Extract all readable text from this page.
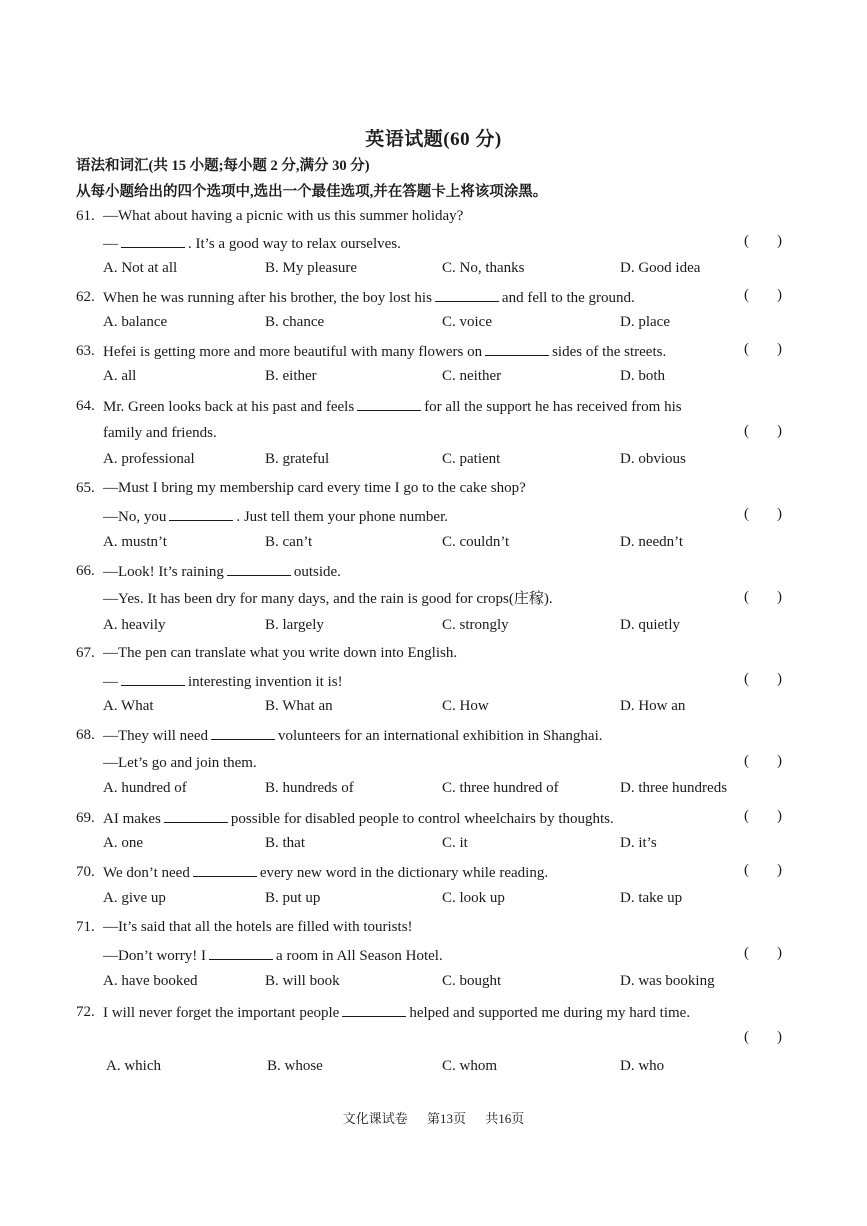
英语试题(60 分)
语法和词汇(共 15 小题;每小题 2 分,满分 30 分)
从每小题给出的四个选项中,选出一个最佳选项,并在答题卡上将该项涂黑。
61. —What about having a picnic with us this summer holiday?
—	. It’s a good way to relax ourselves.
( )
A. Not at all	B. My pleasure	C. No, thanks	D. Good idea
62. When he was running after his brother, the boy lost his	and fell to the ground.
( )
A. balance	B. chance	C. voice	D. place
63. Hefei is getting more and more beautiful with many flowers on	sides of the streets.
( )
A. all	B. either	C. neither	D. both
64. Mr. Green looks back at his past and feels	for all the support he has received from his
family and friends.
( )
A. professional	B. grateful	C. patient	D. obvious
65. —Must I bring my membership card every time I go to the cake shop?
—No, you	. Just tell them your phone number.
( )
A. mustn’t	B. can’t	C. couldn’t	D. needn’t
66. —Look! It’s raining	outside.
—Yes. It has been dry for many days, and the rain is good for crops(庄稼).
( )
A. heavily	B. largely	C. strongly	D. quietly
67. —The pen can translate what you write down into English.
—	interesting invention it is!
( )
A. What	B. What an	C. How	D. How an
68. —They will need	volunteers for an international exhibition in Shanghai.
—Let’s go and join them.
( )
A. hundred of	B. hundreds of	C. three hundred of	D. three hundreds
69. AI makes	possible for disabled people to control wheelchairs by thoughts.
( )
A. one	B. that	C. it	D. it’s
70. We don’t need	every new word in the dictionary while reading.
( )
A. give up	B. put up	C. look up	D. take up
71. —It’s said that all the hotels are filled with tourists!
—Don’t worry! I	a room in All Season Hotel.
( )
A. have booked	B. will book	C. bought	D. was booking
72. I will never forget the important people	helped and supported me during my hard time.
( )
A. which	B. whose	C. whom	D. who
文化课试卷 第13页 共16页
